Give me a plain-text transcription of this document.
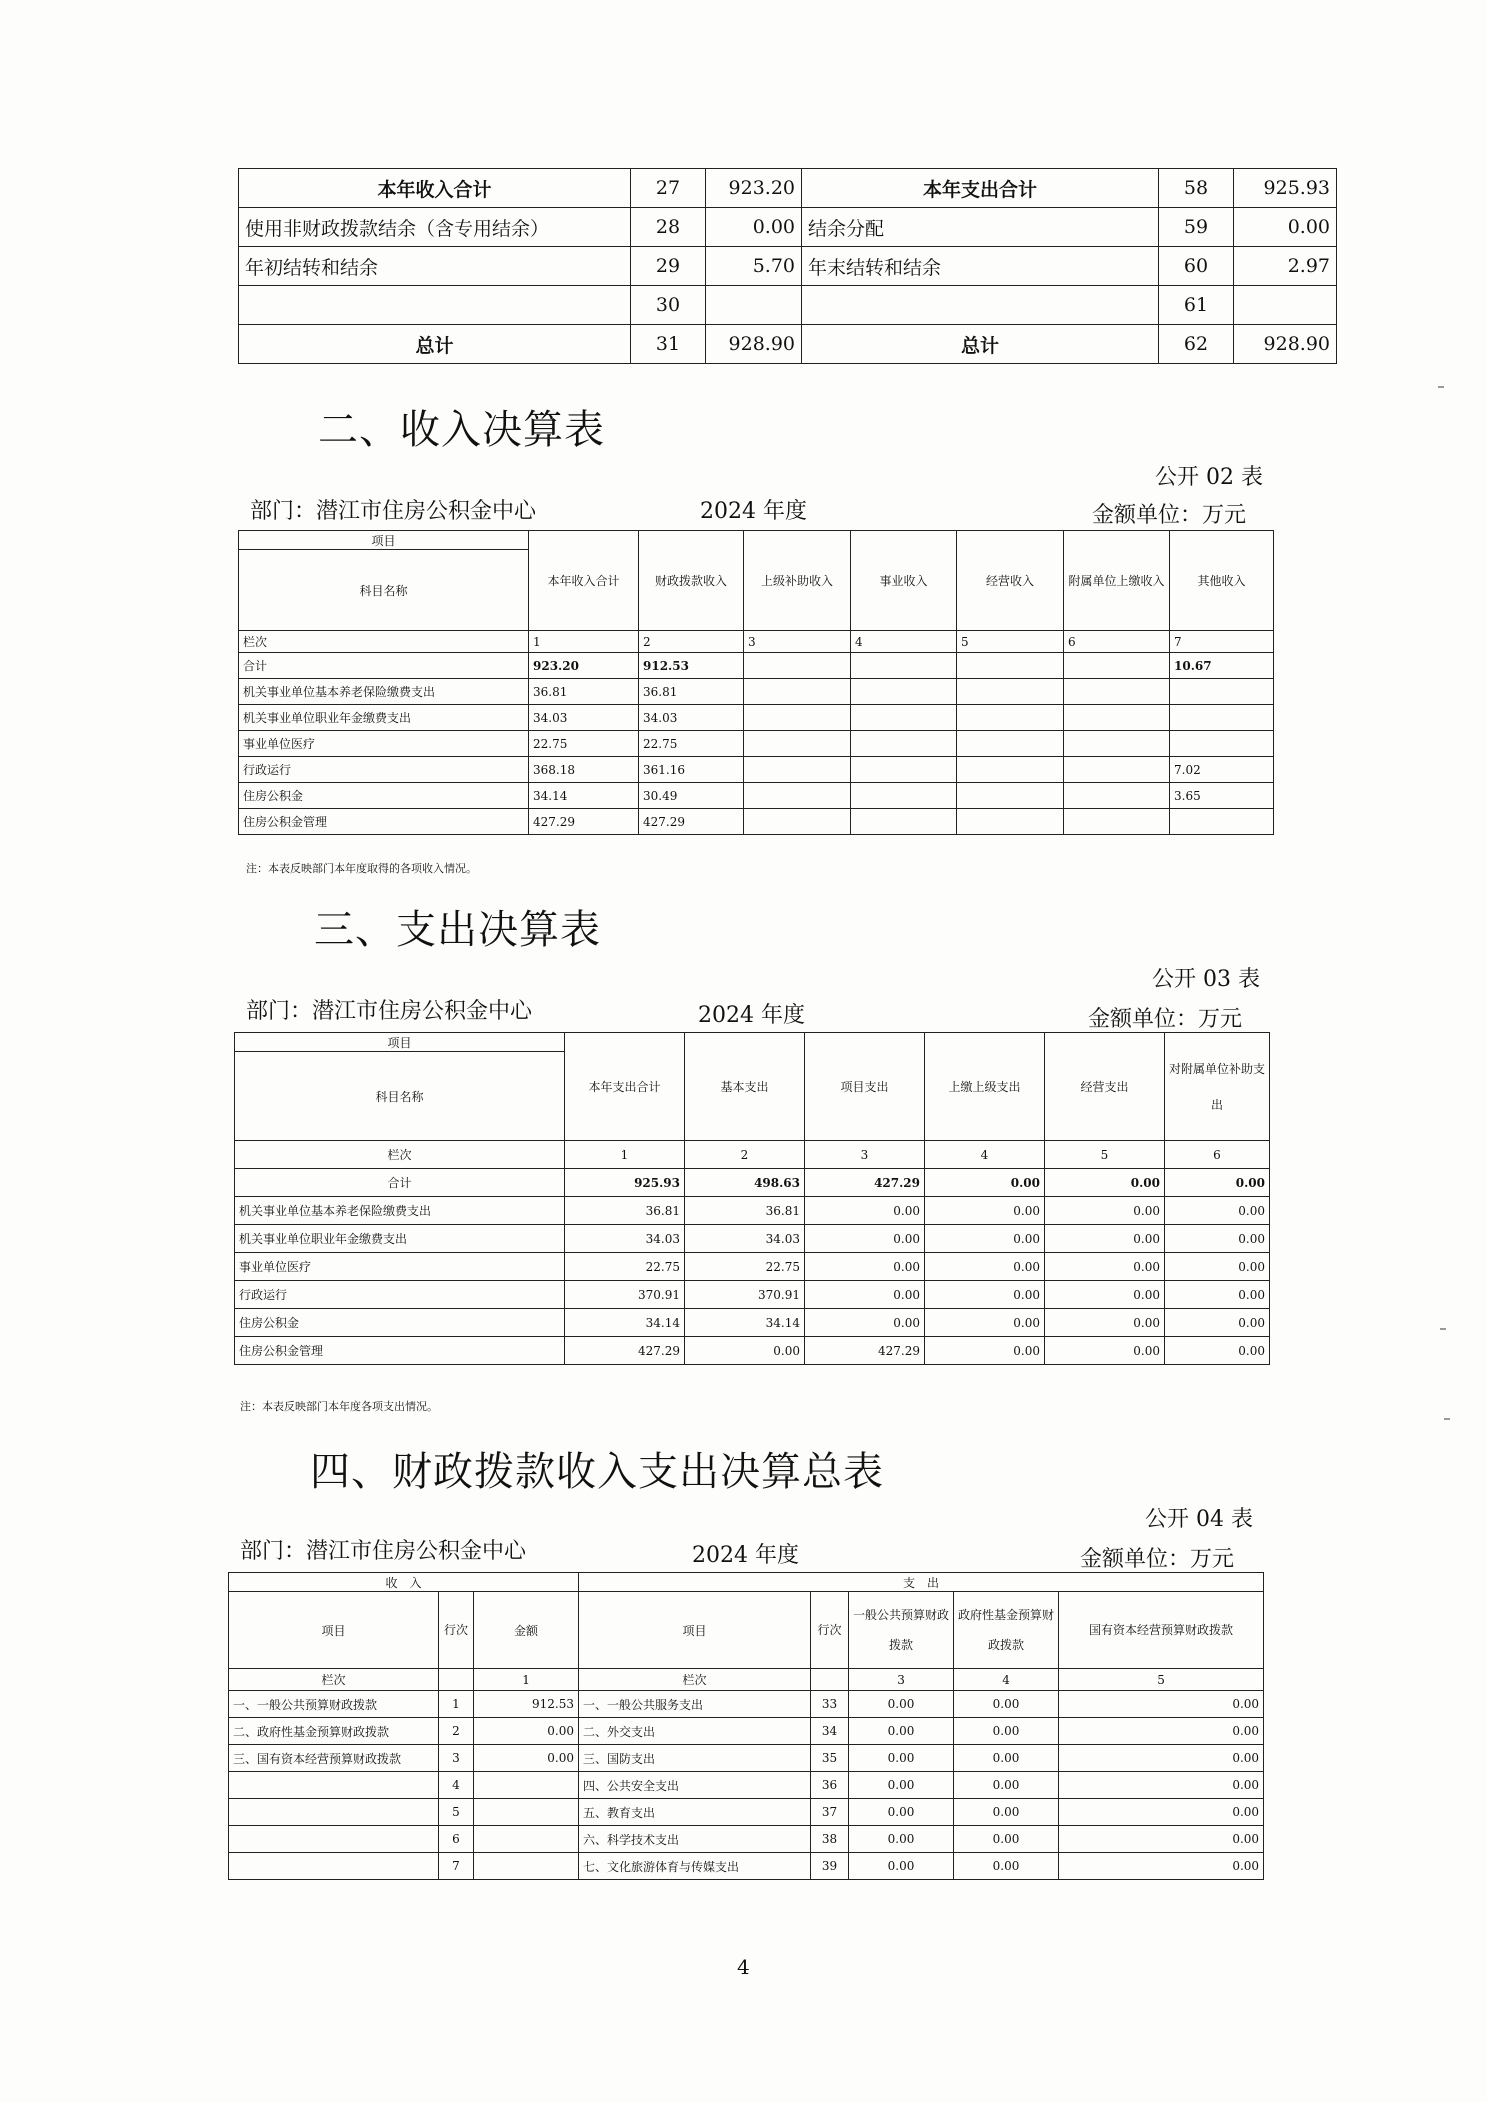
本年收入合计	27	923.20	本年支出合计	58	925.93
使用非财政拨款结余（含专用结余）	28	0.00	结余分配	59	0.00
年初结转和结余	29	5.70	年末结转和结余	60	2.97
	30			61	
总计	31	928.90	总计	62	928.90
二、收入决算表
公开 02 表
部门：潜江市住房公积金中心	2024 年度	金额单位：万元
项目	本年收入合计	财政拨款收入	上级补助收入	事业收入	经营收入	附属单位上缴收入	其他收入
科目名称							
栏次	1	2	3	4	5	6	7
合计	923.20	912.53					10.67
机关事业单位基本养老保险缴费支出	36.81	36.81					
机关事业单位职业年金缴费支出	34.03	34.03					
事业单位医疗	22.75	22.75					
行政运行	368.18	361.16					7.02
住房公积金	34.14	30.49					3.65
住房公积金管理	427.29	427.29					
注：本表反映部门本年度取得的各项收入情况。
三、支出决算表
公开 03 表
部门：潜江市住房公积金中心	2024 年度	金额单位：万元
项目	本年支出合计	基本支出	项目支出	上缴上级支出	经营支出	对附属单位补助支出
科目名称						
栏次	1	2	3	4	5	6
合计	925.93	498.63	427.29	0.00	0.00	0.00
机关事业单位基本养老保险缴费支出	36.81	36.81	0.00	0.00	0.00	0.00
机关事业单位职业年金缴费支出	34.03	34.03	0.00	0.00	0.00	0.00
事业单位医疗	22.75	22.75	0.00	0.00	0.00	0.00
行政运行	370.91	370.91	0.00	0.00	0.00	0.00
住房公积金	34.14	34.14	0.00	0.00	0.00	0.00
住房公积金管理	427.29	0.00	427.29	0.00	0.00	0.00
注：本表反映部门本年度各项支出情况。
四、财政拨款收入支出决算总表
公开 04 表
部门：潜江市住房公积金中心	2024 年度	金额单位：万元
收　入			支　出				
项目	行次	金额	项目	行次	一般公共预算财政拨款	政府性基金预算财政拨款	国有资本经营预算财政拨款
栏次		1	栏次		3	4	5
一、一般公共预算财政拨款	1	912.53	一、一般公共服务支出	33	0.00	0.00	0.00
二、政府性基金预算财政拨款	2	0.00	二、外交支出	34	0.00	0.00	0.00
三、国有资本经营预算财政拨款	3	0.00	三、国防支出	35	0.00	0.00	0.00
	4		四、公共安全支出	36	0.00	0.00	0.00
	5		五、教育支出	37	0.00	0.00	0.00
	6		六、科学技术支出	38	0.00	0.00	0.00
	7		七、文化旅游体育与传媒支出	39	0.00	0.00	0.00
4
